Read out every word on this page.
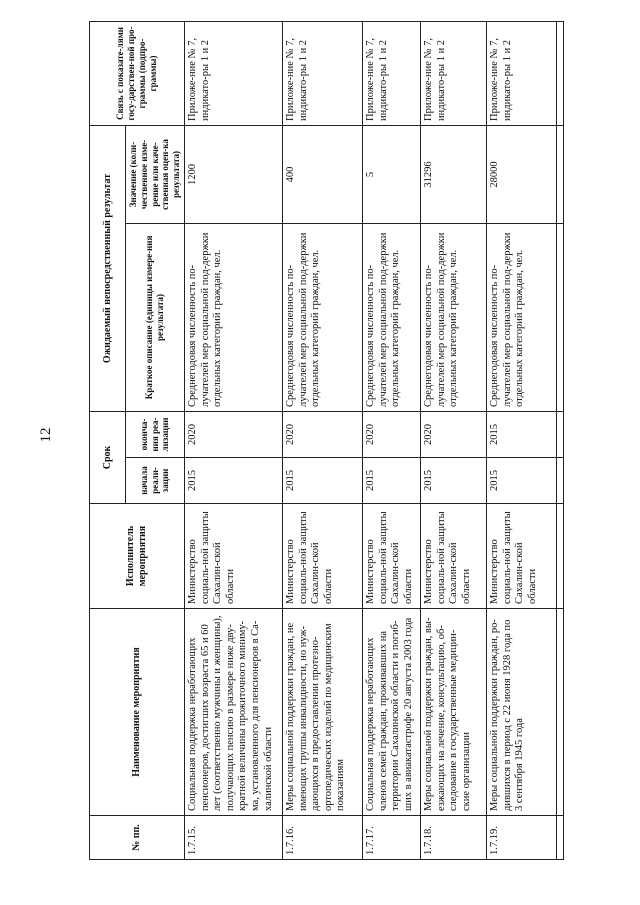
12
№ пп.	Наименование мероприятия	Исполнитель мероприятия	Срок		Ожидаемый непосредственный результат		Связь с показате-лями госу-дарствен-ной про-граммы (подпро-граммы)
			начала реали-зации	оконча-ния реа-лизации	Краткое описание (единицы измере-ния результата)	Значение (коли-чественное изме-рение или каче-ственная оцен-ка результата)	
1.7.15.	Социальная поддержка неработающих пенсионеров, достигших возраста 65 и 60 лет (соответственно мужчины и женщины), получающих пенсию в размере ниже дву-кратной величины прожиточного миниму-ма, установленного для пенсионеров в Са-халинской области	Министерство социаль-ной защиты Сахалин-ской области	2015	2020	Среднегодовая численность по-лучателей мер социальной под-держки отдельных категорий граждан, чел.	1200	Приложе-ние № 7, индикато-ры 1 и 2
1.7.16.	Меры социальной поддержки граждан, не имеющих группы инвалидности, но нуж-дающихся в предоставлении протезно-ортопедических изделий по медицинским показаниям	Министерство социаль-ной защиты Сахалин-ской области	2015	2020	Среднегодовая численность по-лучателей мер социальной под-держки отдельных категорий граждан, чел.	400	Приложе-ние № 7, индикато-ры 1 и 2
1.7.17.	Социальная поддержка неработающих членов семей граждан, проживавших на территории Сахалинской области и погиб-ших в авиакатастрофе 20 августа 2003 года	Министерство социаль-ной защиты Сахалин-ской области	2015	2020	Среднегодовая численность по-лучателей мер социальной под-держки отдельных категорий граждан, чел.	5	Приложе-ние № 7, индикато-ры 1 и 2
1.7.18.	Меры социальной поддержки граждан, вы-езжающих на лечение, консультацию, об-следование в государственные медицин-ские организации	Министерство социаль-ной защиты Сахалин-ской области	2015	2020	Среднегодовая численность по-лучателей мер социальной под-держки отдельных категорий граждан, чел.	31296	Приложе-ние № 7, индикато-ры 1 и 2
1.7.19.	Меры социальной поддержки граждан, ро-дившихся в период с 22 июня 1928 года по 3 сентября 1945 года	Министерство социаль-ной защиты Сахалин-ской области	2015	2015	Среднегодовая численность по-лучателей мер социальной под-держки отдельных категорий граждан, чел.	28000	Приложе-ние № 7, индикато-ры 1 и 2
